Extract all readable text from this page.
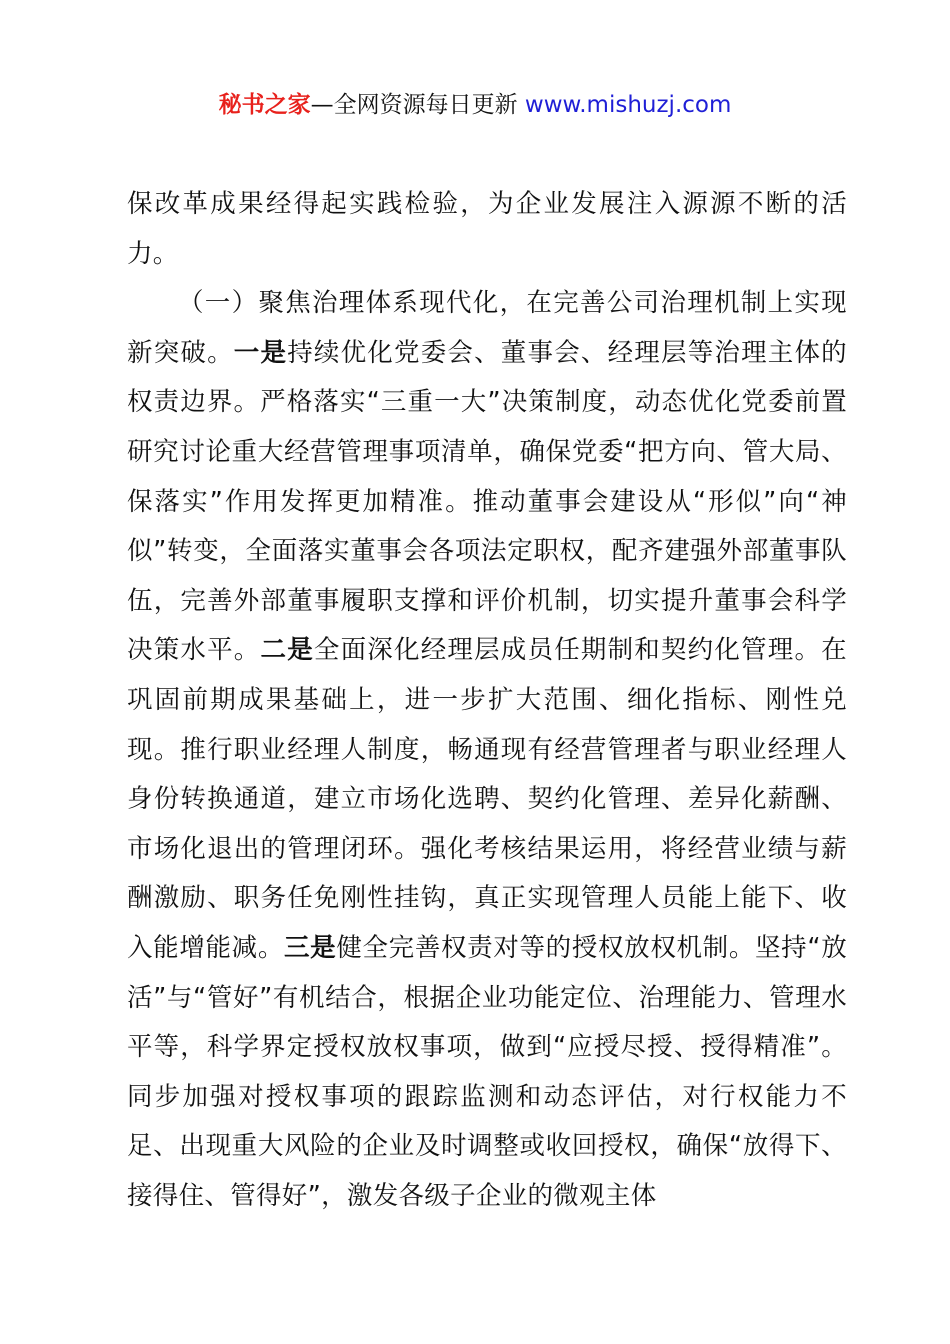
秘书之家—全网资源每日更新 www.mishuzj.com

保改革成果经得起实践检验，为企业发展注入源源不断的活力。

（一）聚焦治理体系现代化，在完善公司治理机制上实现新突破。一是持续优化党委会、董事会、经理层等治理主体的权责边界。严格落实“三重一大”决策制度，动态优化党委前置研究讨论重大经营管理事项清单，确保党委“把方向、管大局、保落实”作用发挥更加精准。推动董事会建设从“形似”向“神似”转变，全面落实董事会各项法定职权，配齐建强外部董事队伍，完善外部董事履职支撑和评价机制，切实提升董事会科学决策水平。二是全面深化经理层成员任期制和契约化管理。在巩固前期成果基础上，进一步扩大范围、细化指标、刚性兑现。推行职业经理人制度，畅通现有经营管理者与职业经理人身份转换通道，建立市场化选聘、契约化管理、差异化薪酬、市场化退出的管理闭环。强化考核结果运用，将经营业绩与薪酬激励、职务任免刚性挂钩，真正实现管理人员能上能下、收入能增能减。三是健全完善权责对等的授权放权机制。坚持“放活”与“管好”有机结合，根据企业功能定位、治理能力、管理水平等，科学界定授权放权事项，做到“应授尽授、授得精准”。同步加强对授权事项的跟踪监测和动态评估，对行权能力不足、出现重大风险的企业及时调整或收回授权，确保“放得下、接得住、管得好”，激发各级子企业的微观主体
